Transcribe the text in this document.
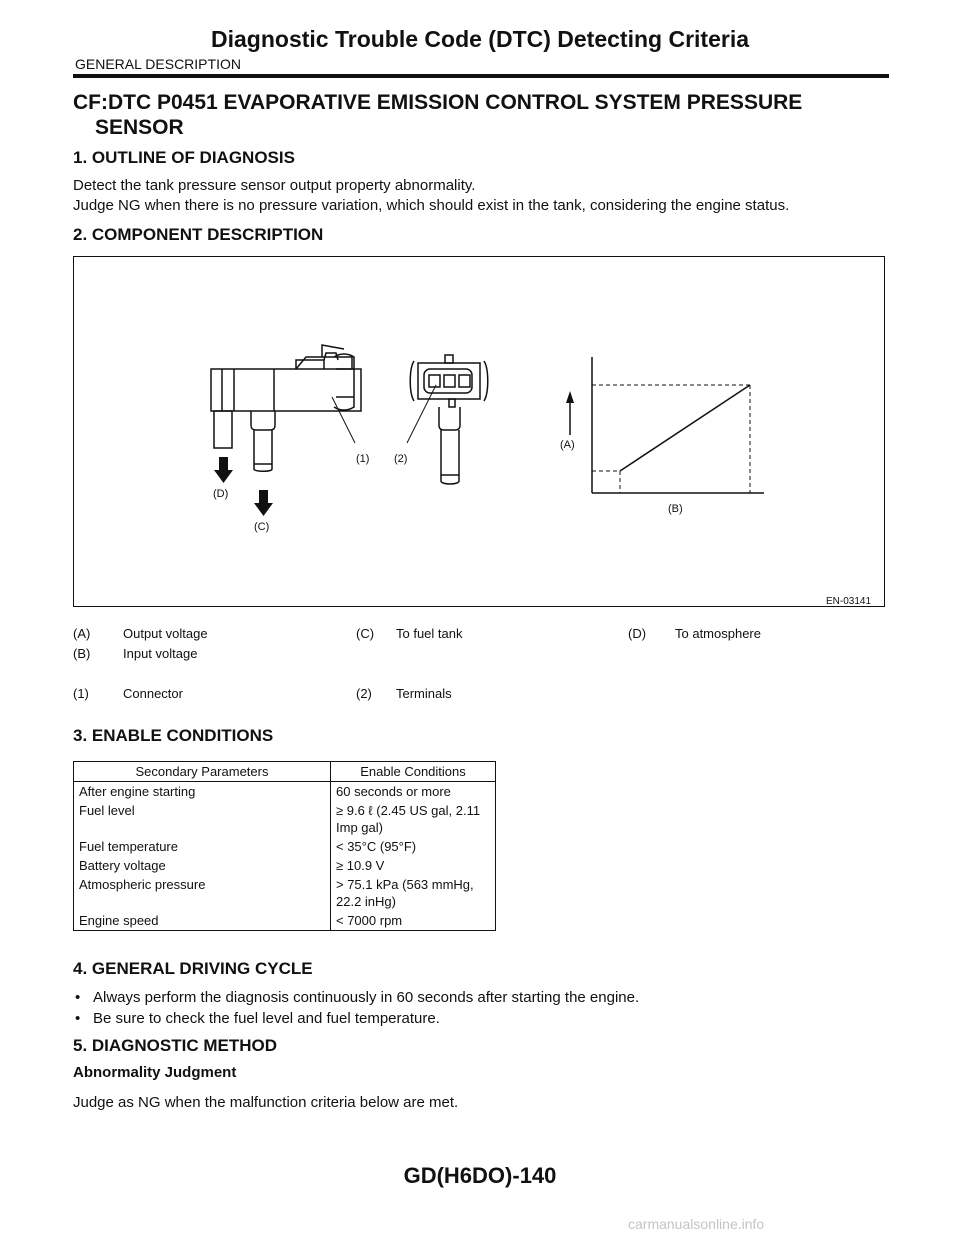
Diagnostic Trouble Code (DTC) Detecting Criteria
GENERAL DESCRIPTION
CF:DTC P0451 EVAPORATIVE EMISSION CONTROL SYSTEM PRESSURE
SENSOR
1. OUTLINE OF DIAGNOSIS
Detect the tank pressure sensor output property abnormality.
Judge NG when there is no pressure variation, which should exist in the tank, considering the engine status.
2. COMPONENT DESCRIPTION
(D)
(C)
(1) (2)
(A)
(B)
EN-03141
(A)	Output voltage	(C) To fuel tank	(D) To atmosphere
(B)	Input voltage
(1)	Connector	(2) Terminals
3. ENABLE CONDITIONS
Secondary Parameters	Enable Conditions
After engine starting	60 seconds or more
Fuel level	≥ 9.6 ℓ (2.45 US gal, 2.11 Imp gal)
Fuel temperature	< 35°C (95°F)
Battery voltage	≥ 10.9 V
Atmospheric pressure	> 75.1 kPa (563 mmHg, 22.2 inHg)
Engine speed	< 7000 rpm
4. GENERAL DRIVING CYCLE
• Always perform the diagnosis continuously in 60 seconds after starting the engine.
• Be sure to check the fuel level and fuel temperature.
5. DIAGNOSTIC METHOD
Abnormality Judgment
Judge as NG when the malfunction criteria below are met.
GD(H6DO)-140
carmanualsonline.info
